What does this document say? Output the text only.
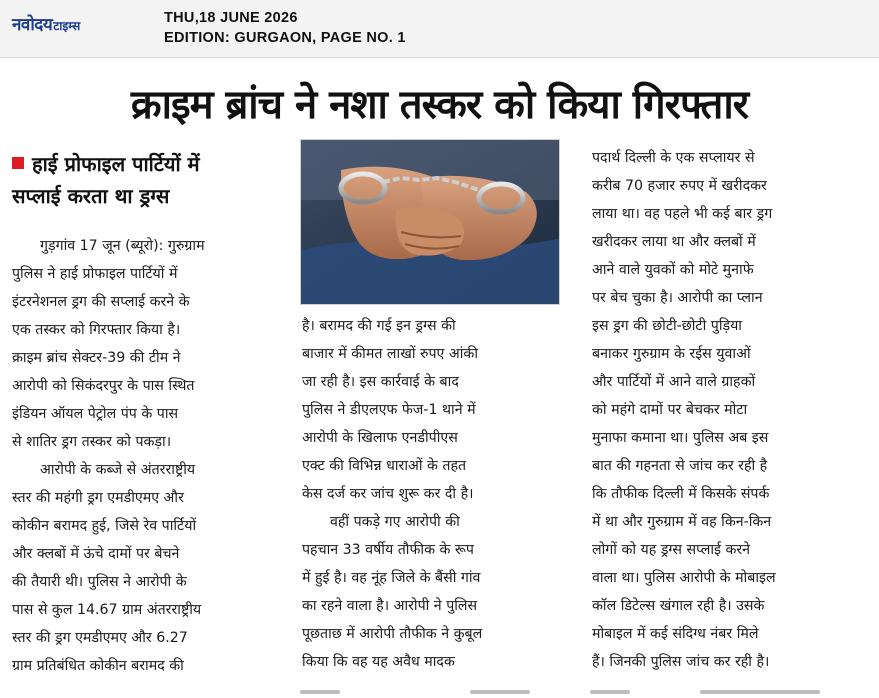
नवोदय टाइम्स	THU,18 JUNE 2026
EDITION: GURGAON, PAGE NO. 1
क्राइम ब्रांच ने नशा तस्कर को किया गिरफ्तार
हाई प्रोफाइल पार्टियों में
सप्लाई करता था ड्रग्स
गुड़गांव 17 जून (ब्यूरो): गुरुग्राम
पुलिस ने हाई प्रोफाइल पार्टियों में
इंटरनेशनल ड्रग की सप्लाई करने के
एक तस्कर को गिरफ्तार किया है।
क्राइम ब्रांच सेक्टर-39 की टीम ने
आरोपी को सिकंदरपुर के पास स्थित
इंडियन ऑयल पेट्रोल पंप के पास
से शातिर ड्रग तस्कर को पकड़ा।
आरोपी के कब्जे से अंतरराष्ट्रीय
स्तर की महंगी ड्रग एमडीएमए और
कोकीन बरामद हुई, जिसे रेव पार्टियों
और क्लबों में ऊंचे दामों पर बेचने
की तैयारी थी। पुलिस ने आरोपी के
पास से कुल 14.67 ग्राम अंतरराष्ट्रीय
स्तर की ड्रग एमडीएमए और 6.27
ग्राम प्रतिबंधित कोकीन बरामद की
है। बरामद की गई इन ड्रग्स की
बाजार में कीमत लाखों रुपए आंकी
जा रही है। इस कार्रवाई के बाद
पुलिस ने डीएलएफ फेज-1 थाने में
आरोपी के खिलाफ एनडीपीएस
एक्ट की विभिन्न धाराओं के तहत
केस दर्ज कर जांच शुरू कर दी है।
वहीं पकड़े गए आरोपी की
पहचान 33 वर्षीय तौफीक के रूप
में हुई है। वह नूंह जिले के बैंसी गांव
का रहने वाला है। आरोपी ने पुलिस
पूछताछ में आरोपी तौफीक ने कुबूल
किया कि वह यह अवैध मादक
पदार्थ दिल्ली के एक सप्लायर से
करीब 70 हजार रुपए में खरीदकर
लाया था। वह पहले भी कई बार ड्रग
खरीदकर लाया था और क्लबों में
आने वाले युवकों को मोटे मुनाफे
पर बेच चुका है। आरोपी का प्लान
इस ड्रग की छोटी-छोटी पुड़िया
बनाकर गुरुग्राम के रईस युवाओं
और पार्टियों में आने वाले ग्राहकों
को महंगे दामों पर बेचकर मोटा
मुनाफा कमाना था। पुलिस अब इस
बात की गहनता से जांच कर रही है
कि तौफीक दिल्ली में किसके संपर्क
में था और गुरुग्राम में वह किन-किन
लोगों को यह ड्रग्स सप्लाई करने
वाला था। पुलिस आरोपी के मोबाइल
कॉल डिटेल्स खंगाल रही है। उसके
मोबाइल में कई संदिग्ध नंबर मिले
हैं। जिनकी पुलिस जांच कर रही है।
